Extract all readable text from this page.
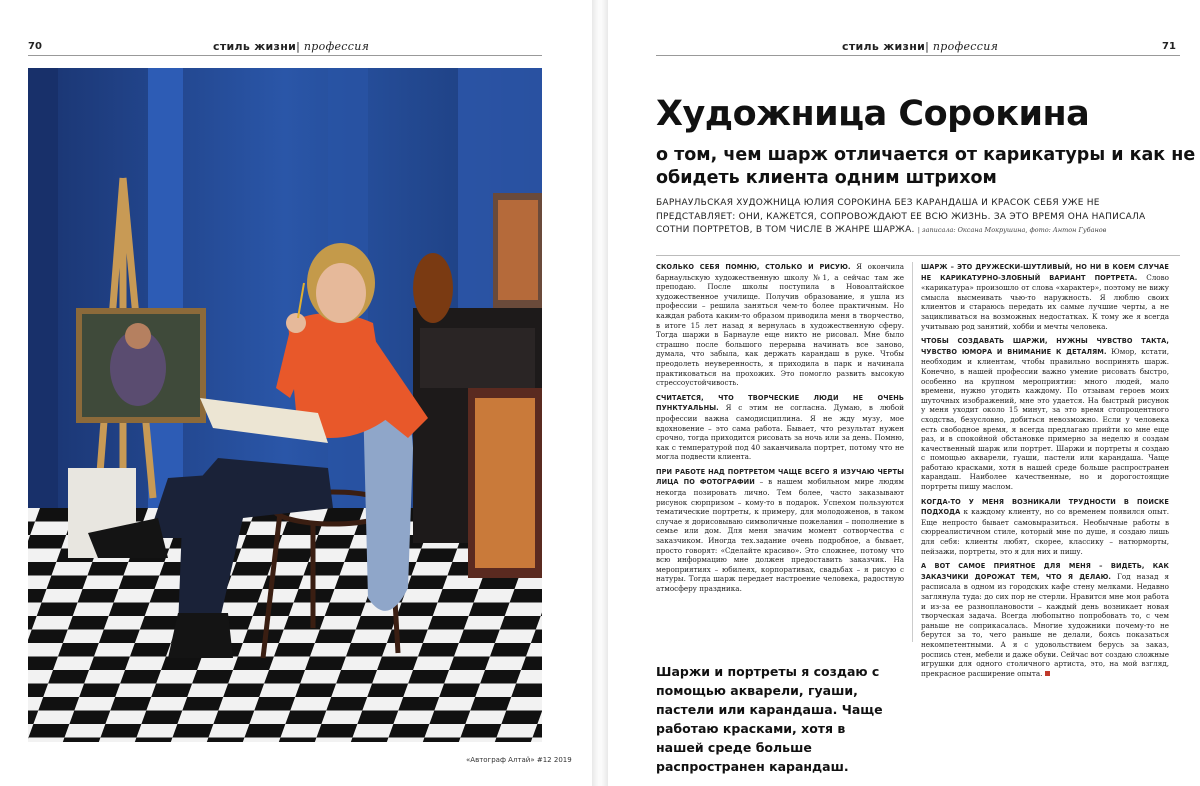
70	стиль жизни| профессия
«Автограф Алтай» #12 2019
стиль жизни| профессия	71
Художница Сорокина
о том, чем шарж отличается от карикатуры и как не обидеть клиента одним штрихом
БАРНАУЛЬСКАЯ ХУДОЖНИЦА ЮЛИЯ СОРОКИНА БЕЗ КАРАНДАША И КРАСОК СЕБЯ УЖЕ НЕ ПРЕДСТАВЛЯЕТ: ОНИ, КАЖЕТСЯ, СОПРОВОЖДАЮТ ЕЕ ВСЮ ЖИЗНЬ. ЗА ЭТО ВРЕМЯ ОНА НАПИСАЛА СОТНИ ПОРТРЕТОВ, В ТОМ ЧИСЛЕ В ЖАНРЕ ШАРЖА. | записала: Оксана Мокрушина, фото: Антон Губанов

СКОЛЬКО СЕБЯ ПОМНЮ, СТОЛЬКО И РИСУЮ. Я окончила барнаульскую художественную школу №1, а сейчас там же преподаю. После школы поступила в Новоалтайское художественное училище. Получив образование, я ушла из профессии – решила заняться чем-то более практичным. Но каждая работа каким-то образом приводила меня в творчество, в итоге 15 лет назад я вернулась в художественную сферу. Тогда шаржи в Барнауле еще никто не рисовал. Мне было страшно после большого перерыва начинать все заново, думала, что забыла, как держать карандаш в руке. Чтобы преодолеть неуверенность, я приходила в парк и начинала практиковаться на прохожих. Это помогло развить высокую стрессоустойчивость.

СЧИТАЕТСЯ, ЧТО ТВОРЧЕСКИЕ ЛЮДИ НЕ ОЧЕНЬ ПУНКТУАЛЬНЫ. Я с этим не согласна. Думаю, в любой профессии важна самодисциплина. Я не жду музу, мое вдохновение – это сама работа. Бывает, что результат нужен срочно, тогда приходится рисовать за ночь или за день. Помню, как с температурой под 40 заканчивала портрет, потому что не могла подвести клиента.

ПРИ РАБОТЕ НАД ПОРТРЕТОМ ЧАЩЕ ВСЕГО Я ИЗУЧАЮ ЧЕРТЫ ЛИЦА ПО ФОТОГРАФИИ – в нашем мобильном мире людям некогда позировать лично. Тем более, часто заказывают рисунок сюрпризом – кому-то в подарок. Успехом пользуются тематические портреты, к примеру, для молодоженов, в таком случае я дорисовываю символичные пожелания – пополнение в семье или дом. Для меня значим момент сотворчества с заказчиком. Иногда тех.задание очень подробное, а бывает, просто говорят: «Сделайте красиво». Это сложнее, потому что всю информацию мне должен предоставить заказчик. На мероприятиях – юбилеях, корпоративах, свадьбах – я рисую с натуры. Тогда шарж передает настроение человека, радостную атмосферу праздника.

ШАРЖ – ЭТО ДРУЖЕСКИ-ШУТЛИВЫЙ, НО НИ В КОЕМ СЛУЧАЕ НЕ КАРИКАТУРНО-ЗЛОБНЫЙ ВАРИАНТ ПОРТРЕТА. Слово «карикатура» произошло от слова «характер», поэтому не вижу смысла высмеивать чью-то наружность. Я люблю своих клиентов и стараюсь передать их самые лучшие черты, а не зацикливаться на возможных недостатках. К тому же я всегда учитываю род занятий, хобби и мечты человека.

ЧТОБЫ СОЗДАВАТЬ ШАРЖИ, НУЖНЫ ЧУВСТВО ТАКТА, ЧУВСТВО ЮМОРА И ВНИМАНИЕ К ДЕТАЛЯМ. Юмор, кстати, необходим и клиентам, чтобы правильно воспринять шарж. Конечно, в нашей профессии важно умение рисовать быстро, особенно на крупном мероприятии: много людей, мало времени, нужно угодить каждому. По отзывам героев моих шуточных изображений, мне это удается. На быстрый рисунок у меня уходит около 15 минут, за это время стопроцентного сходства, безусловно, добиться невозможно. Если у человека есть свободное время, я всегда предлагаю прийти ко мне еще раз, и в спокойной обстановке примерно за неделю я создам качественный шарж или портрет. Шаржи и портреты я создаю с помощью акварели, гуаши, пастели или карандаша. Чаще работаю красками, хотя в нашей среде больше распространен карандаш. Наиболее качественные, но и дорогостоящие портреты пишу маслом.

КОГДА-ТО У МЕНЯ ВОЗНИКАЛИ ТРУДНОСТИ В ПОИСКЕ ПОДХОДА к каждому клиенту, но со временем появился опыт. Еще непросто бывает самовыразиться. Необычные работы в сюрреалистичном стиле, который мне по душе, я создаю лишь для себя: клиенты любят, скорее, классику – натюрморты, пейзажи, портреты, это я для них и пишу.

А ВОТ САМОЕ ПРИЯТНОЕ ДЛЯ МЕНЯ – ВИДЕТЬ, КАК ЗАКАЗЧИКИ ДОРОЖАТ ТЕМ, ЧТО Я ДЕЛАЮ. Год назад я расписала в одном из городских кафе стену мелками. Недавно заглянула туда: до сих пор не стерли. Нравится мне моя работа и из-за ее разноплановости – каждый день возникает новая творческая задача. Всегда любопытно попробовать то, с чем раньше не соприкасалась. Многие художники почему-то не берутся за то, чего раньше не делали, боясь показаться некомпетентными. А я с удовольствием берусь за заказ, роспись стен, мебели и даже обуви. Сейчас вот создаю сложные игрушки для одного столичного артиста, это, на мой взгляд, прекрасное расширение опыта.

Шаржи и портреты я создаю с помощью акварели, гуаши, пастели или карандаша. Чаще работаю красками, хотя в нашей среде больше распространен карандаш.
